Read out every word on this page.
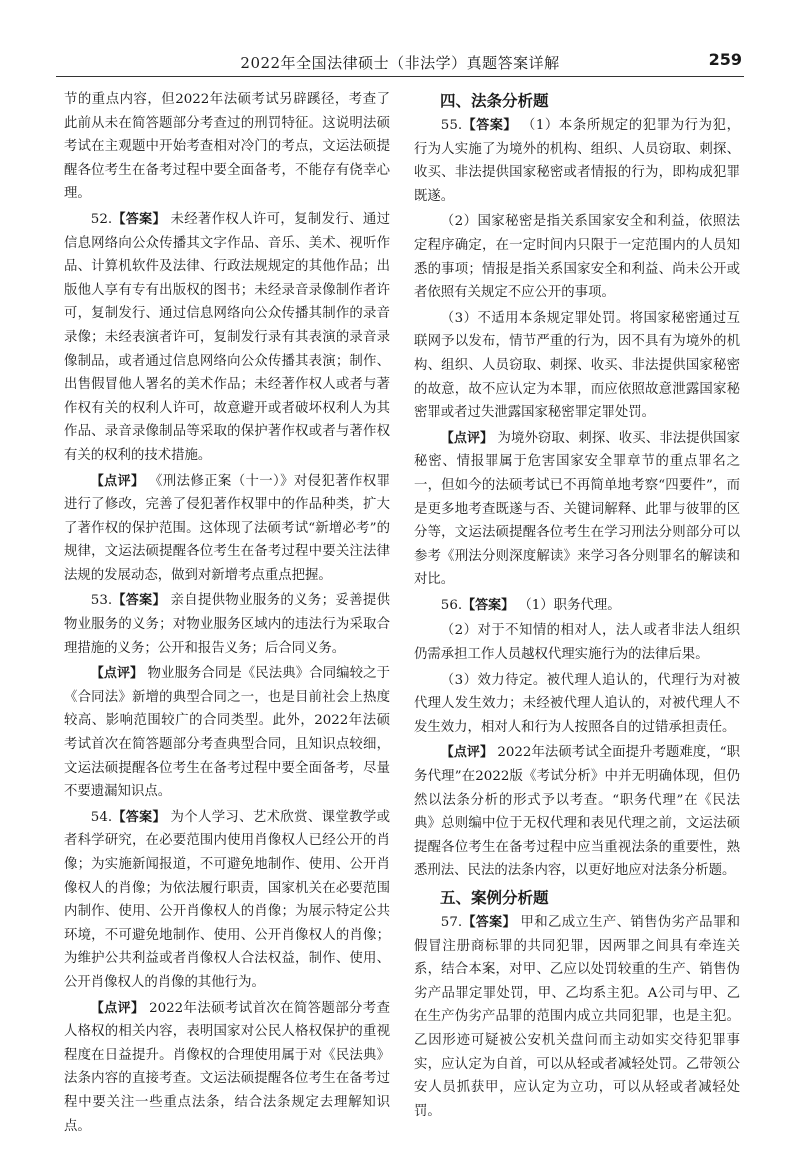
2022年全国法律硕士（非法学）真题答案详解	259

节的重点内容，但2022年法硕考试另辟蹊径，考查了此前从未在简答题部分考查过的刑罚特征。这说明法硕考试在主观题中开始考查相对冷门的考点，文运法硕提醒各位考生在备考过程中要全面备考，不能存有侥幸心理。

52.【答案】 未经著作权人许可，复制发行、通过信息网络向公众传播其文字作品、音乐、美术、视听作品、计算机软件及法律、行政法规规定的其他作品；出版他人享有专有出版权的图书；未经录音录像制作者许可，复制发行、通过信息网络向公众传播其制作的录音录像；未经表演者许可，复制发行录有其表演的录音录像制品，或者通过信息网络向公众传播其表演；制作、出售假冒他人署名的美术作品；未经著作权人或者与著作权有关的权利人许可，故意避开或者破坏权利人为其作品、录音录像制品等采取的保护著作权或者与著作权有关的权利的技术措施。

【点评】 《刑法修正案（十一）》对侵犯著作权罪进行了修改，完善了侵犯著作权罪中的作品种类，扩大了著作权的保护范围。这体现了法硕考试“新增必考”的规律，文运法硕提醒各位考生在备考过程中要关注法律法规的发展动态，做到对新增考点重点把握。

53.【答案】 亲自提供物业服务的义务；妥善提供物业服务的义务；对物业服务区域内的违法行为采取合理措施的义务；公开和报告义务；后合同义务。

【点评】 物业服务合同是《民法典》合同编较之于《合同法》新增的典型合同之一，也是目前社会上热度较高、影响范围较广的合同类型。此外，2022年法硕考试首次在简答题部分考查典型合同，且知识点较细，文运法硕提醒各位考生在备考过程中要全面备考，尽量不要遗漏知识点。

54.【答案】 为个人学习、艺术欣赏、课堂教学或者科学研究，在必要范围内使用肖像权人已经公开的肖像；为实施新闻报道，不可避免地制作、使用、公开肖像权人的肖像；为依法履行职责，国家机关在必要范围内制作、使用、公开肖像权人的肖像；为展示特定公共环境，不可避免地制作、使用、公开肖像权人的肖像；为维护公共利益或者肖像权人合法权益，制作、使用、公开肖像权人的肖像的其他行为。

【点评】 2022年法硕考试首次在简答题部分考查人格权的相关内容，表明国家对公民人格权保护的重视程度在日益提升。肖像权的合理使用属于对《民法典》法条内容的直接考查。文运法硕提醒各位考生在备考过程中要关注一些重点法条，结合法条规定去理解知识点。

四、法条分析题

55.【答案】 （1）本条所规定的犯罪为行为犯，行为人实施了为境外的机构、组织、人员窃取、刺探、收买、非法提供国家秘密或者情报的行为，即构成犯罪既遂。

（2）国家秘密是指关系国家安全和利益，依照法定程序确定，在一定时间内只限于一定范围内的人员知悉的事项；情报是指关系国家安全和利益、尚未公开或者依照有关规定不应公开的事项。

（3）不适用本条规定罪处罚。将国家秘密通过互联网予以发布，情节严重的行为，因不具有为境外的机构、组织、人员窃取、刺探、收买、非法提供国家秘密的故意，故不应认定为本罪，而应依照故意泄露国家秘密罪或者过失泄露国家秘密罪定罪处罚。

【点评】 为境外窃取、刺探、收买、非法提供国家秘密、情报罪属于危害国家安全罪章节的重点罪名之一，但如今的法硕考试已不再简单地考察“四要件”，而是更多地考查既遂与否、关键词解释、此罪与彼罪的区分等，文运法硕提醒各位考生在学习刑法分则部分可以参考《刑法分则深度解读》来学习各分则罪名的解读和对比。

56.【答案】 （1）职务代理。

（2）对于不知情的相对人，法人或者非法人组织仍需承担工作人员越权代理实施行为的法律后果。

（3）效力待定。被代理人追认的，代理行为对被代理人发生效力；未经被代理人追认的，对被代理人不发生效力，相对人和行为人按照各自的过错承担责任。

【点评】 2022年法硕考试全面提升考题难度，“职务代理”在2022版《考试分析》中并无明确体现，但仍然以法条分析的形式予以考查。“职务代理”在《民法典》总则编中位于无权代理和表见代理之前，文运法硕提醒各位考生在备考过程中应当重视法条的重要性，熟悉刑法、民法的法条内容，以更好地应对法条分析题。

五、案例分析题

57.【答案】 甲和乙成立生产、销售伪劣产品罪和假冒注册商标罪的共同犯罪，因两罪之间具有牵连关系，结合本案，对甲、乙应以处罚较重的生产、销售伪劣产品罪定罪处罚，甲、乙均系主犯。A公司与甲、乙在生产伪劣产品罪的范围内成立共同犯罪，也是主犯。乙因形迹可疑被公安机关盘问而主动如实交待犯罪事实，应认定为自首，可以从轻或者减轻处罚。乙带领公安人员抓获甲，应认定为立功，可以从轻或者减轻处罚。
